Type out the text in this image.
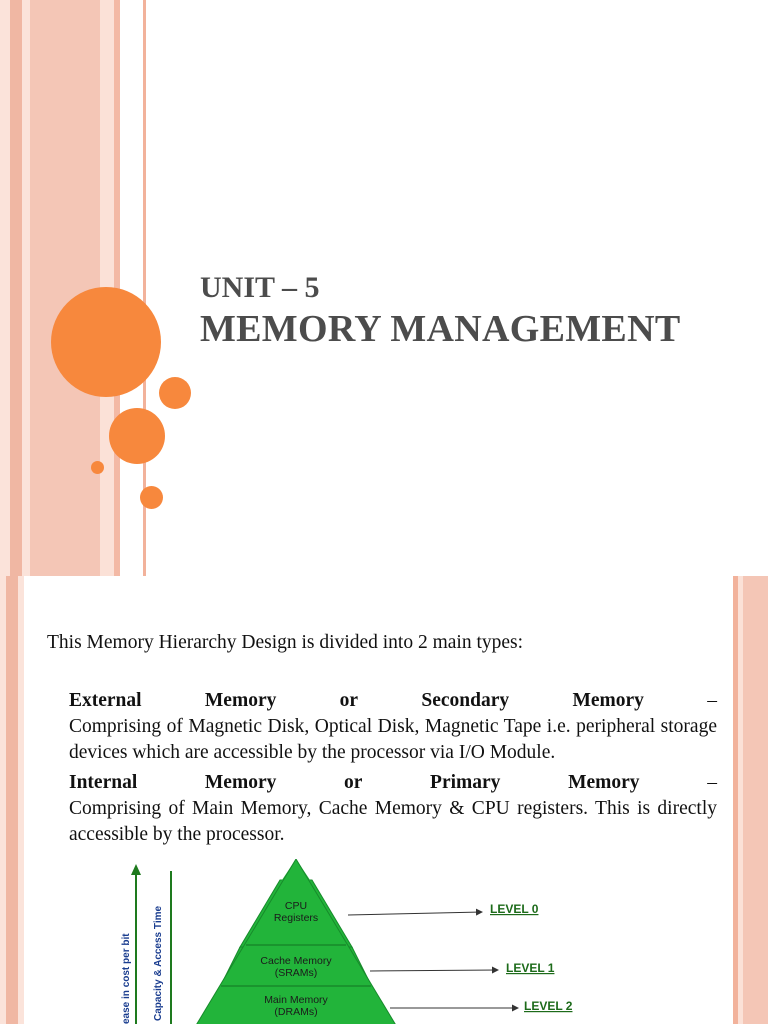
UNIT – 5
MEMORY MANAGEMENT

This Memory Hierarchy Design is divided into 2 main types:

External	Memory	or	Secondary	Memory	–
Comprising of Magnetic Disk, Optical Disk, Magnetic Tape i.e. peripheral storage devices which are accessible by the processor via I/O Module.
Internal	Memory	or	Primary	Memory	–
Comprising of Main Memory, Cache Memory & CPU registers. This is directly accessible by the processor.
ease in cost per bit Capacity & Access Time	CPU
Registers
Cache Memory
(SRAMs)
Main Memory
(DRAMs)
LEVEL 0
LEVEL 1
LEVEL 2
